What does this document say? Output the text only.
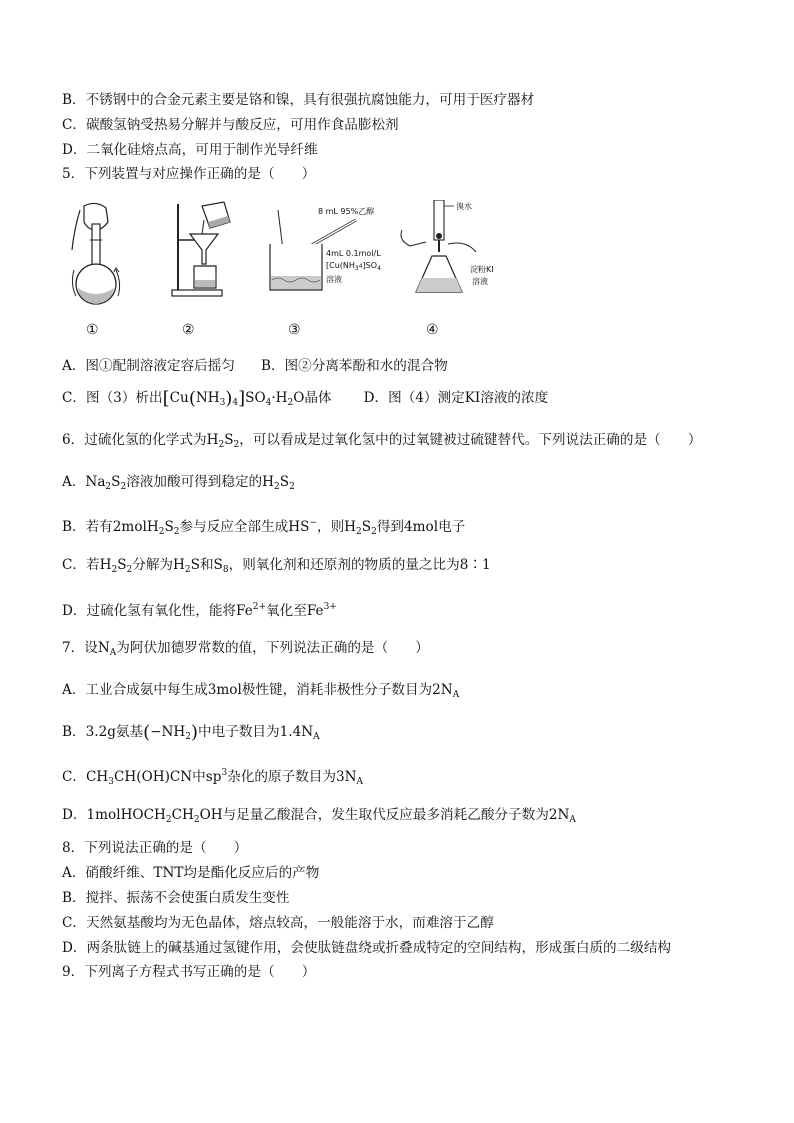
B．不锈钢中的合金元素主要是铬和镍，具有很强抗腐蚀能力，可用于医疗器材
C．碳酸氢钠受热易分解并与酸反应，可用作食品膨松剂
D．二氧化硅熔点高，可用于制作光导纤维
5．下列装置与对应操作正确的是（　　）
8 mL 95%乙醇
4mL 0.1mol/L
[$Cu(NH_3^4]SO_4$
溶液
溴水
淀粉KI
溶液
①	②	③	④
A．图①配制溶液定容后摇匀 B．图②分离苯酚和水的混合物
C．图（3）析出$[Cu(NH_3)_4]SO_4\cdot H_2O$晶体 D．图（4）测定KI溶液的浓度
6．过硫化氢的化学式为$H_2S_2$，可以看成是过氧化氢中的过氧键被过硫键替代。下列说法正确的是（　　）
A．$Na_2S_2$溶液加酸可得到稳定的$H_2S_2$
B．若有$2molH_2S_2$参与反应全部生成HS−，则$H_2S_2$得到4mol电子
C．若$H_2S_2$分解为$H_2S$和$S_8$，则氧化剂和还原剂的物质的量之比为8∶1
D．过硫化氢有氧化性，能将$Fe^{2+}$氧化至$Fe^{3+}$
7．设$N_A$为阿伏加德罗常数的值，下列说法正确的是（　　）
A．工业合成氨中每生成3mol极性键，消耗非极性分子数目为$2N_A$
B．3.2g氨基$(-NH_2)$中电子数目为$1.4N_A$
C．$CH_3CH(OH)CN$中$sp^3$杂化的原子数目为$3N_A$
D．$1molHOCH_2CH_2OH$与足量乙酸混合，发生取代反应最多消耗乙酸分子数为$2N_A$
8．下列说法正确的是（　　）
A．硝酸纤维、TNT均是酯化反应后的产物
B．搅拌、振荡不会使蛋白质发生变性
C．天然氨基酸均为无色晶体，熔点较高，一般能溶于水，而难溶于乙醇
D．两条肽链上的碱基通过氢键作用，会使肽链盘绕或折叠成特定的空间结构，形成蛋白质的二级结构
9．下列离子方程式书写正确的是（　　）
